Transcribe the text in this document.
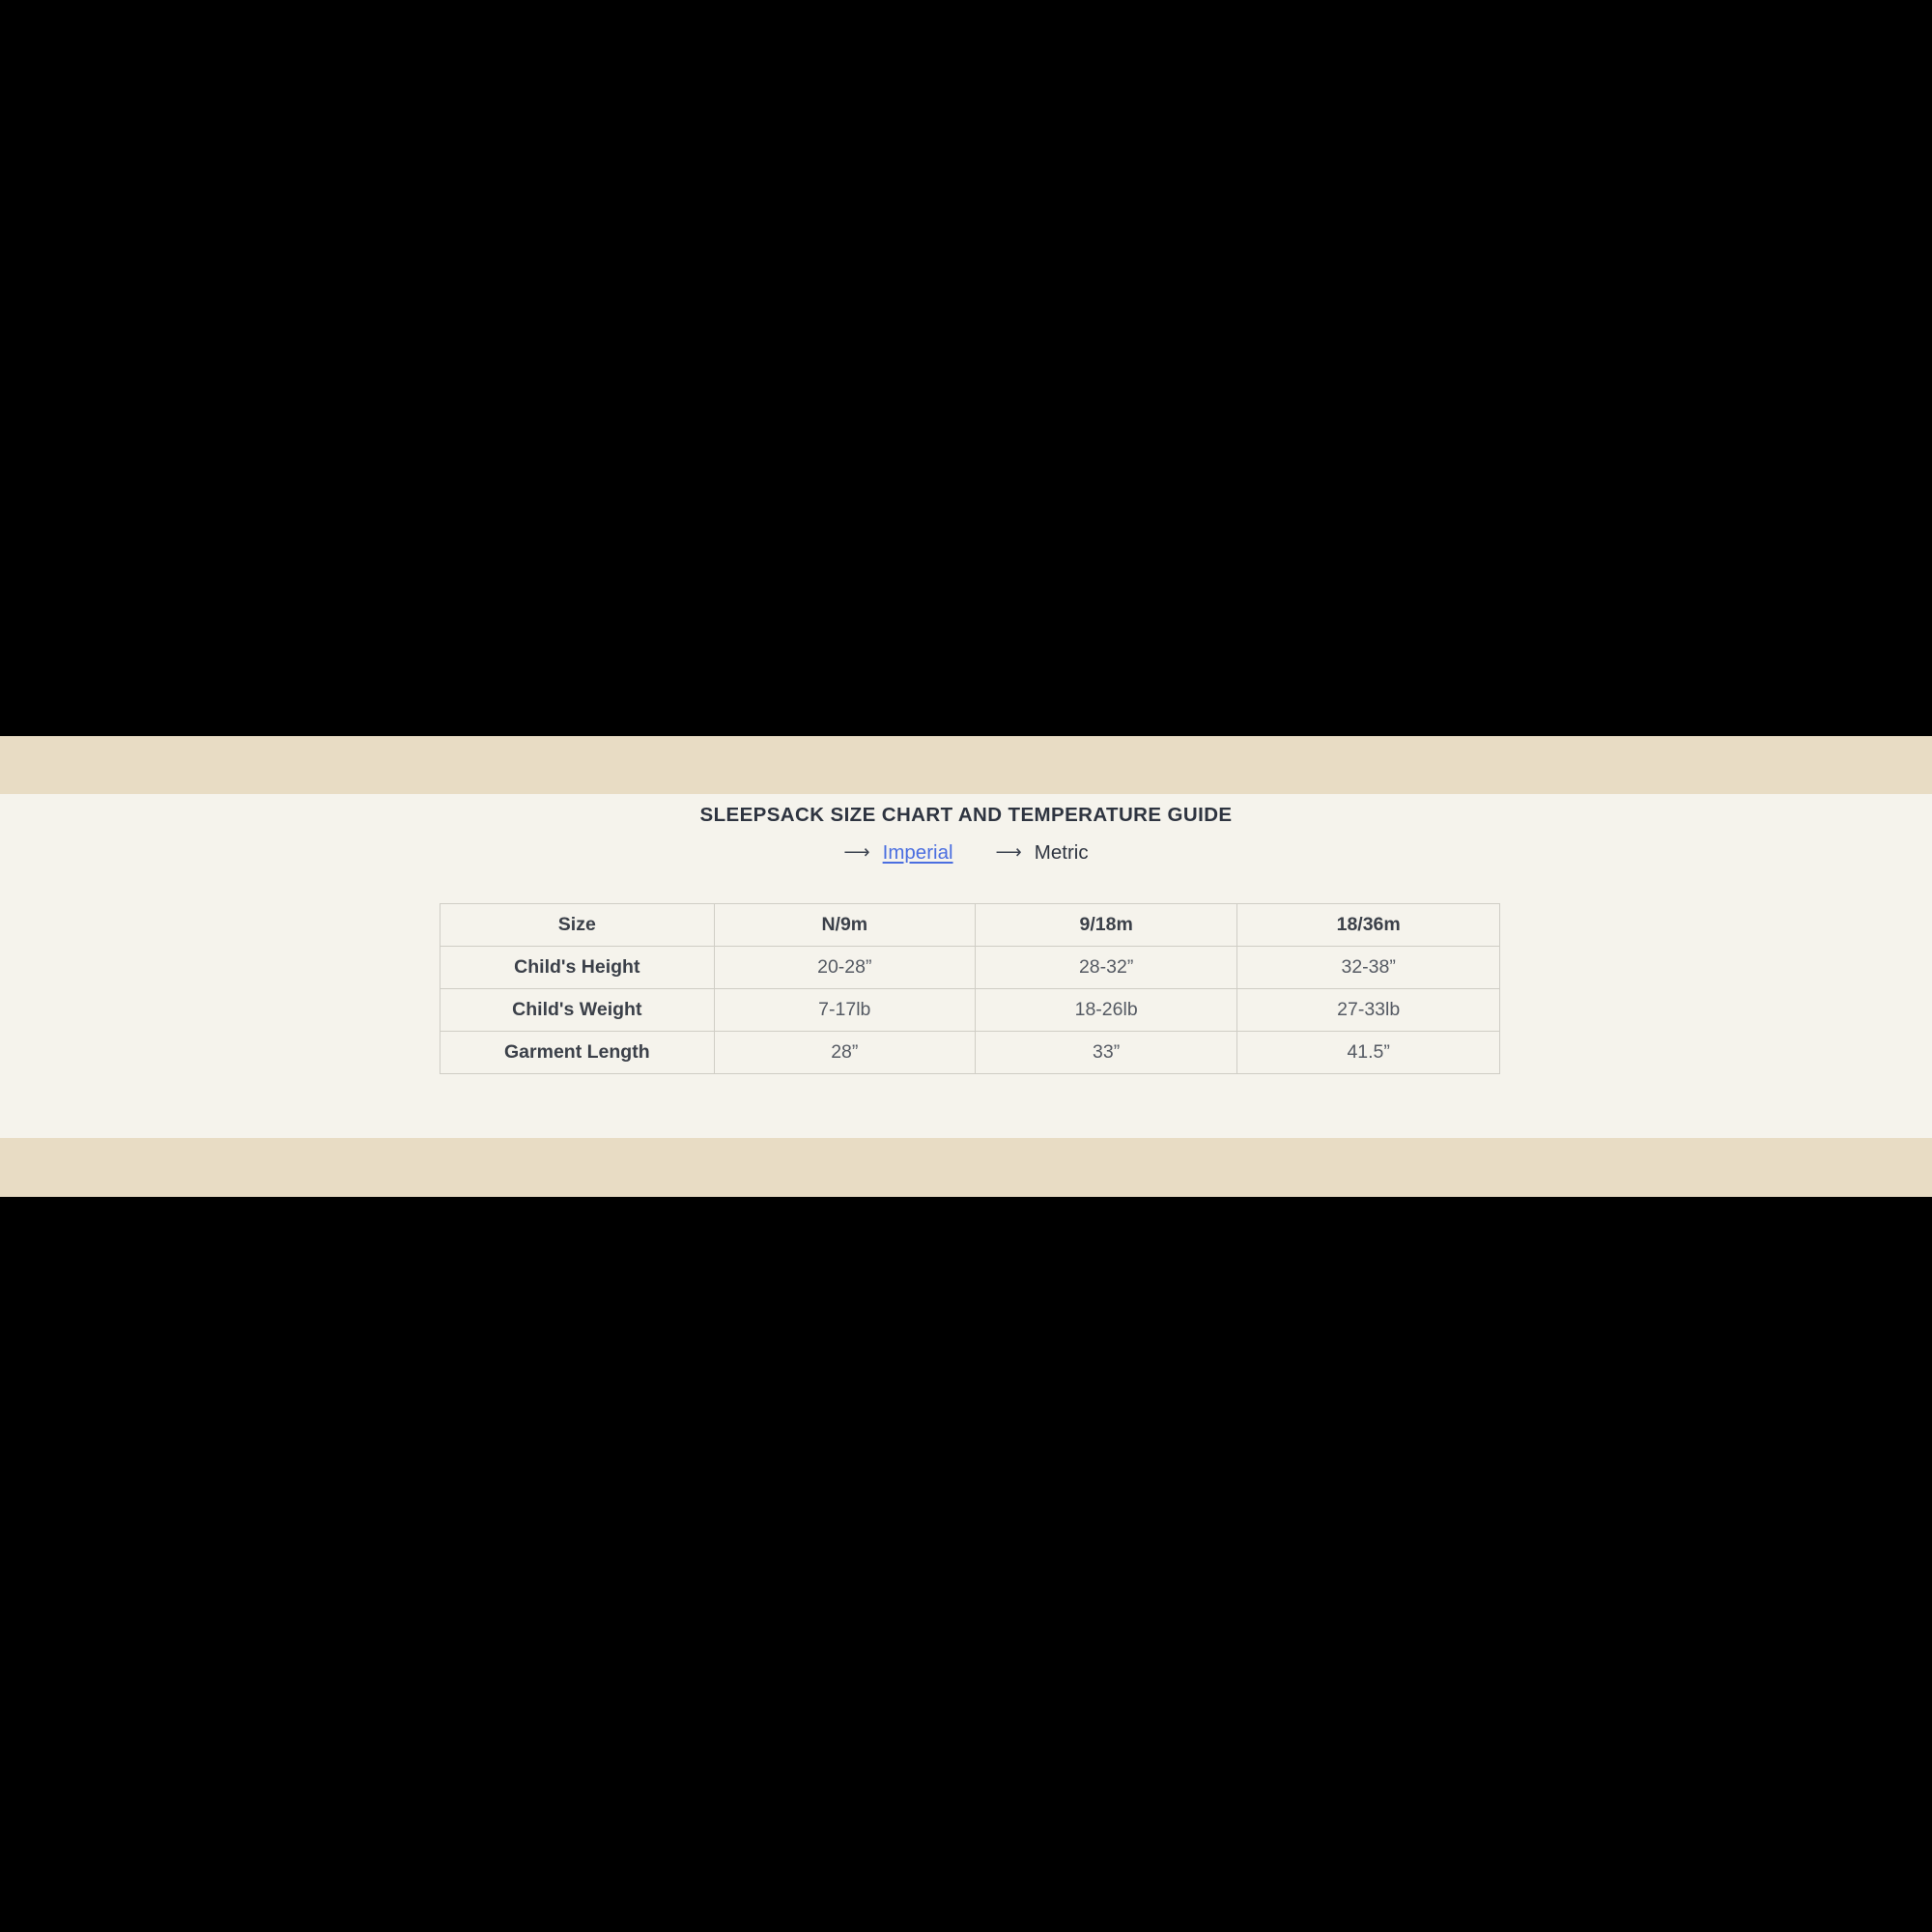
SLEEPSACK SIZE CHART AND TEMPERATURE GUIDE
⟶ Imperial ⟶ Metric
Size	N/9m	9/18m	18/36m
Child's Height	20-28”	28-32”	32-38”
Child's Weight	7-17lb	18-26lb	27-33lb
Garment Length	28”	33”	41.5”
